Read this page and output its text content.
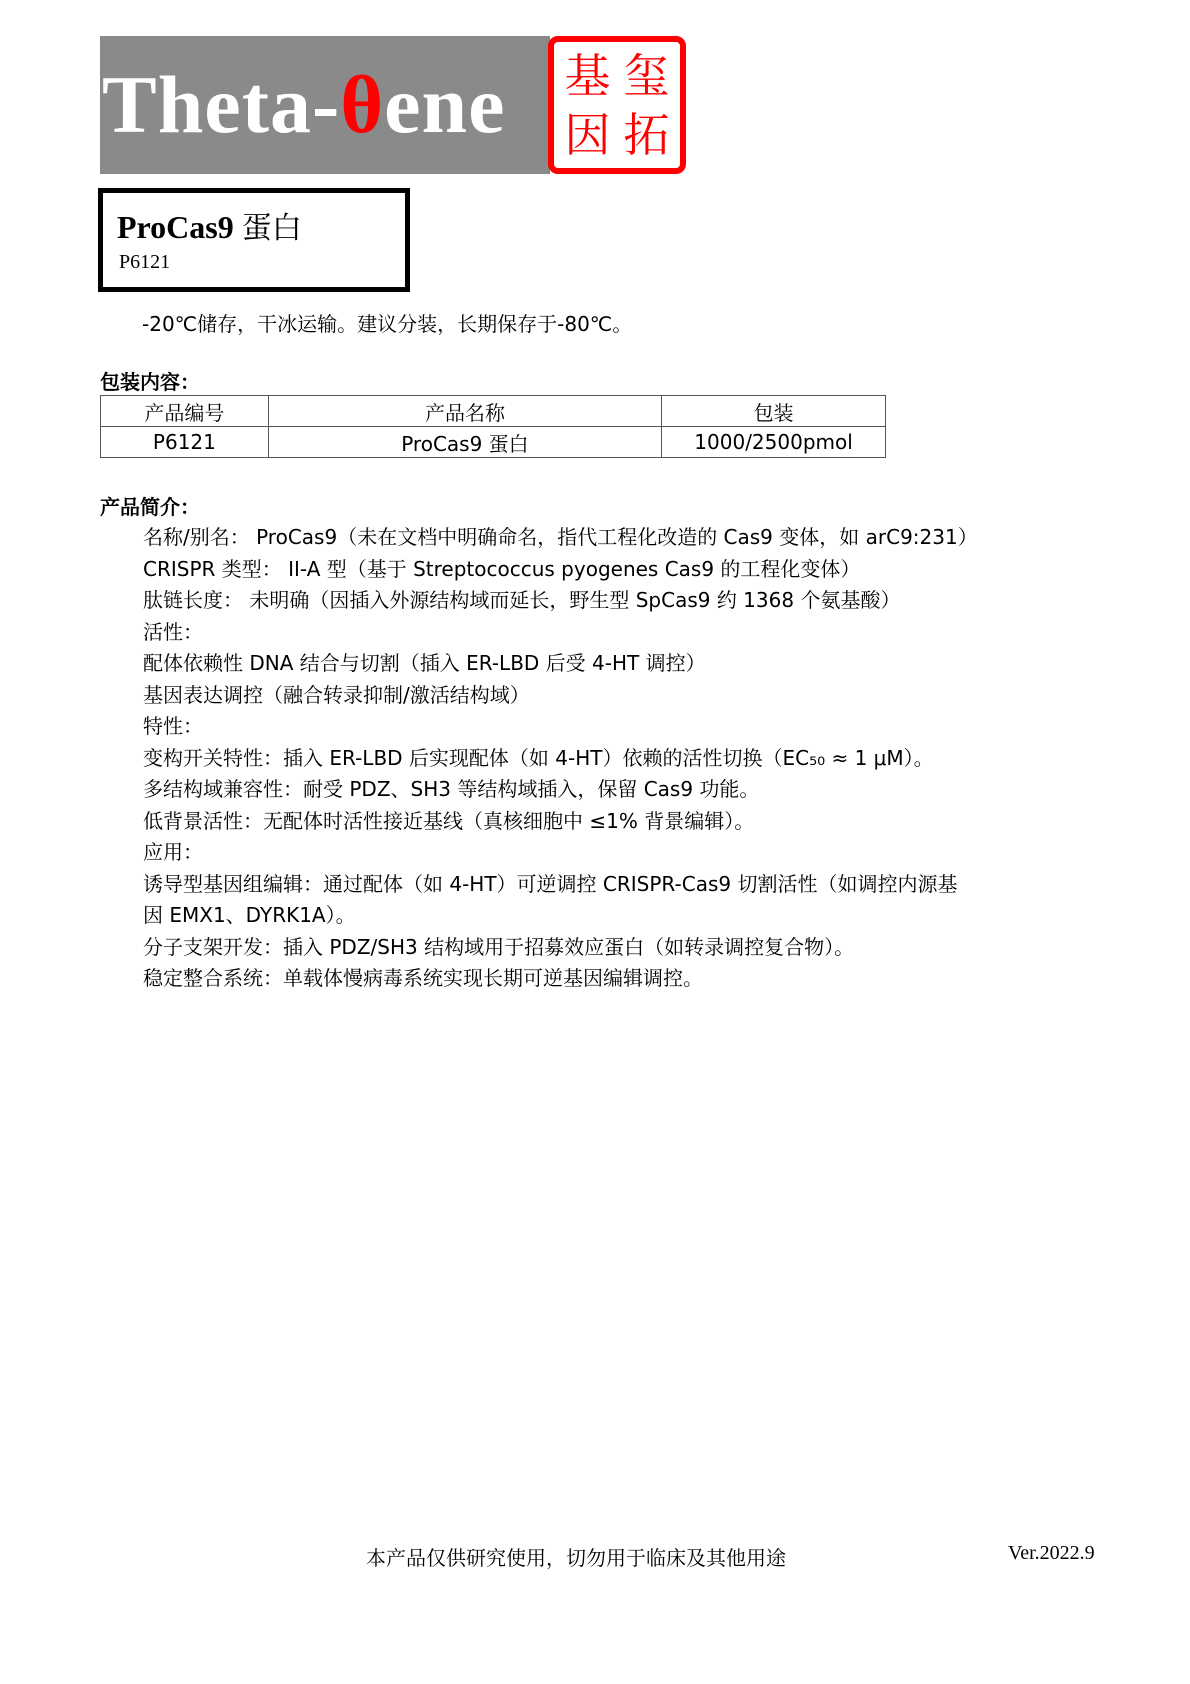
Theta-θene 基 玺
因 拓
ProCas9 蛋白
P6121
-20℃储存，干冰运输。建议分装，长期保存于-80℃。
包装内容：
产品编号	产品名称	包装
P6121	ProCas9 蛋白	1000/2500pmol
产品简介：
名称/别名： ProCas9（未在文档中明确命名，指代工程化改造的 Cas9 变体，如 arC9:231）
CRISPR 类型： II-A 型（基于 Streptococcus pyogenes Cas9 的工程化变体）
肽链长度： 未明确（因插入外源结构域而延长，野生型 SpCas9 约 1368 个氨基酸）
活性：
配体依赖性 DNA 结合与切割（插入 ER-LBD 后受 4-HT 调控）
基因表达调控（融合转录抑制/激活结构域）
特性：
变构开关特性：插入 ER-LBD 后实现配体（如 4-HT）依赖的活性切换（EC₅₀ ≈ 1 μM）。
多结构域兼容性：耐受 PDZ、SH3 等结构域插入，保留 Cas9 功能。
低背景活性：无配体时活性接近基线（真核细胞中 ≤1% 背景编辑）。
应用：
诱导型基因组编辑：通过配体（如 4-HT）可逆调控 CRISPR-Cas9 切割活性（如调控内源基
因 EMX1、DYRK1A）。
分子支架开发：插入 PDZ/SH3 结构域用于招募效应蛋白（如转录调控复合物）。
稳定整合系统：单载体慢病毒系统实现长期可逆基因编辑调控。
本产品仅供研究使用，切勿用于临床及其他用途	Ver.2022.9
